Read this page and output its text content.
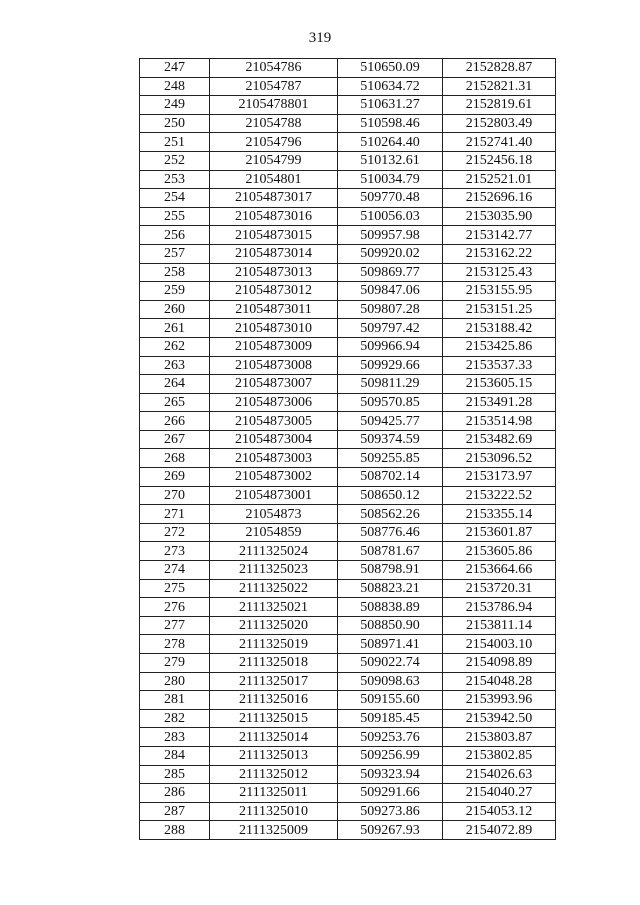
319
247	21054786	510650.09	2152828.87
248	21054787	510634.72	2152821.31
249	2105478801	510631.27	2152819.61
250	21054788	510598.46	2152803.49
251	21054796	510264.40	2152741.40
252	21054799	510132.61	2152456.18
253	21054801	510034.79	2152521.01
254	21054873017	509770.48	2152696.16
255	21054873016	510056.03	2153035.90
256	21054873015	509957.98	2153142.77
257	21054873014	509920.02	2153162.22
258	21054873013	509869.77	2153125.43
259	21054873012	509847.06	2153155.95
260	21054873011	509807.28	2153151.25
261	21054873010	509797.42	2153188.42
262	21054873009	509966.94	2153425.86
263	21054873008	509929.66	2153537.33
264	21054873007	509811.29	2153605.15
265	21054873006	509570.85	2153491.28
266	21054873005	509425.77	2153514.98
267	21054873004	509374.59	2153482.69
268	21054873003	509255.85	2153096.52
269	21054873002	508702.14	2153173.97
270	21054873001	508650.12	2153222.52
271	21054873	508562.26	2153355.14
272	21054859	508776.46	2153601.87
273	2111325024	508781.67	2153605.86
274	2111325023	508798.91	2153664.66
275	2111325022	508823.21	2153720.31
276	2111325021	508838.89	2153786.94
277	2111325020	508850.90	2153811.14
278	2111325019	508971.41	2154003.10
279	2111325018	509022.74	2154098.89
280	2111325017	509098.63	2154048.28
281	2111325016	509155.60	2153993.96
282	2111325015	509185.45	2153942.50
283	2111325014	509253.76	2153803.87
284	2111325013	509256.99	2153802.85
285	2111325012	509323.94	2154026.63
286	2111325011	509291.66	2154040.27
287	2111325010	509273.86	2154053.12
288	2111325009	509267.93	2154072.89
